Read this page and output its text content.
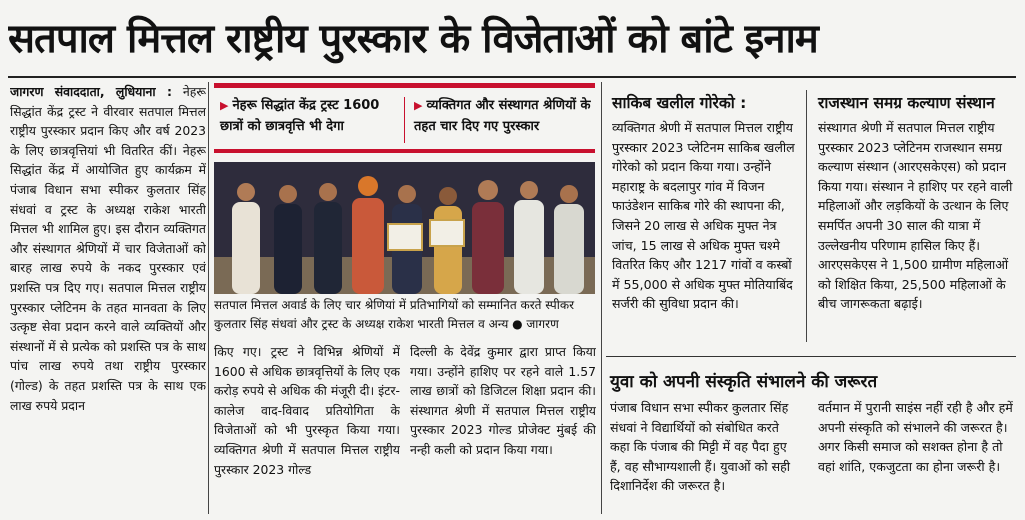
सतपाल मित्तल राष्ट्रीय पुरस्कार के विजेताओं को बांटे इनाम
जागरण संवाददाता, लुधियाना : नेहरू सिद्धांत केंद्र ट्रस्ट ने वीरवार सतपाल मित्तल राष्ट्रीय पुरस्कार प्रदान किए और वर्ष 2023 के लिए छात्रवृत्तियां भी वितरित कीं। नेहरू सिद्धांत केंद्र में आयोजित हुए कार्यक्रम में पंजाब विधान सभा स्पीकर कुलतार सिंह संधवां व ट्रस्ट के अध्यक्ष राकेश भारती मित्तल भी शामिल हुए। इस दौरान व्यक्तिगत और संस्थागत श्रेणियों में चार विजेताओं को बारह लाख रुपये के नकद पुरस्कार एवं प्रशस्ति पत्र दिए गए। सतपाल मित्तल राष्ट्रीय पुरस्कार प्लेटिनम के तहत मानवता के लिए उत्कृष्ट सेवा प्रदान करने वाले व्यक्तियों और संस्थानों में से प्रत्येक को प्रशस्ति पत्र के साथ पांच लाख रुपये तथा राष्ट्रीय पुरस्कार (गोल्ड) के तहत प्रशस्ति पत्र के साथ एक लाख रुपये प्रदान
▶ नेहरू सिद्धांत केंद्र ट्रस्ट 1600 छात्रों को छात्रवृत्ति भी देगा
▶ व्यक्तिगत और संस्थागत श्रेणियों के तहत चार दिए गए पुरस्कार
सतपाल मित्तल अवार्ड के लिए चार श्रेणियां में प्रतिभागियों को सम्मानित करते स्पीकर कुलतार सिंह संधवां और ट्रस्ट के अध्यक्ष राकेश भारती मित्तल व अन्य ● जागरण
किए गए। ट्रस्ट ने विभिन्न श्रेणियों में 1600 से अधिक छात्रवृत्तियों के लिए एक करोड़ रुपये से अधिक की मंजूरी दी। इंटर-कालेज वाद-विवाद प्रतियोगिता के विजेताओं को भी पुरस्कृत किया गया। व्यक्तिगत श्रेणी में सतपाल मित्तल राष्ट्रीय पुरस्कार 2023 गोल्ड
दिल्ली के देवेंद्र कुमार द्वारा प्राप्त किया गया। उन्होंने हाशिए पर रहने वाले 1.57 लाख छात्रों को डिजिटल शिक्षा प्रदान की। संस्थागत श्रेणी में सतपाल मित्तल राष्ट्रीय पुरस्कार 2023 गोल्ड प्रोजेक्ट मुंबई की नन्ही कली को प्रदान किया गया।
साकिब खलील गोरेको :
व्यक्तिगत श्रेणी में सतपाल मित्तल राष्ट्रीय पुरस्कार 2023 प्लेटिनम साकिब खलील गोरेको को प्रदान किया गया। उन्होंने महाराष्ट्र के बदलापुर गांव में विजन फाउंडेशन साकिब गोरे की स्थापना की, जिसने 20 लाख से अधिक मुफ्त नेत्र जांच, 15 लाख से अधिक मुफ्त चश्मे वितरित किए और 1217 गांवों व कस्बों में 55,000 से अधिक मुफ्त मोतियाबिंद सर्जरी की सुविधा प्रदान की।
राजस्थान समग्र कल्याण संस्थान
संस्थागत श्रेणी में सतपाल मित्तल राष्ट्रीय पुरस्कार 2023 प्लेटिनम राजस्थान समग्र कल्याण संस्थान (आरएसकेएस) को प्रदान किया गया। संस्थान ने हाशिए पर रहने वाली महिलाओं और लड़कियों के उत्थान के लिए समर्पित अपनी 30 साल की यात्रा में उल्लेखनीय परिणाम हासिल किए हैं। आरएसकेएस ने 1,500 ग्रामीण महिलाओं को शिक्षित किया, 25,500 महिलाओं के बीच जागरूकता बढ़ाई।
युवा को अपनी संस्कृति संभालने की जरूरत
पंजाब विधान सभा स्पीकर कुलतार सिंह संधवां ने विद्यार्थियों को संबोधित करते कहा कि पंजाब की मिट्टी में वह पैदा हुए हैं, वह सौभाग्यशाली हैं। युवाओं को सही दिशानिर्देश की जरूरत है।
वर्तमान में पुरानी साइंस नहीं रही है और हमें अपनी संस्कृति को संभालने की जरूरत है। अगर किसी समाज को सशक्त होना है तो वहां शांति, एकजुटता का होना जरूरी है।
